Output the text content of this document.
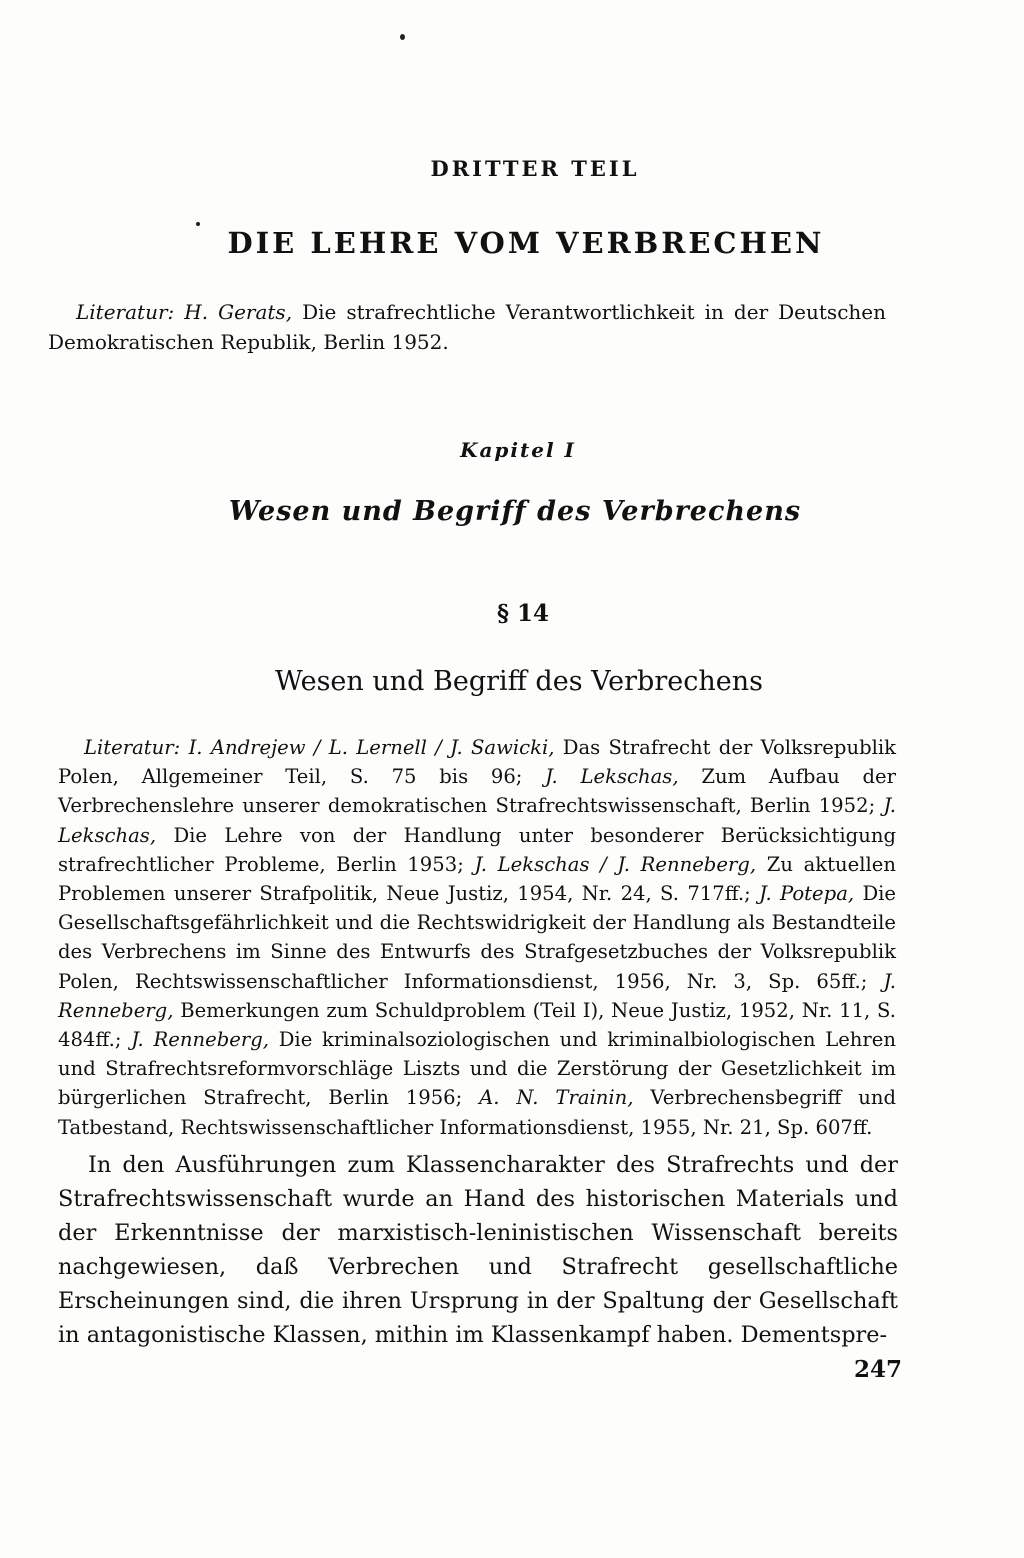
DRITTER TEIL

DIE LEHRE VOM VERBRECHEN

Literatur: H. Gerats, Die strafrechtliche Verantwortlichkeit in der Deutschen Demokratischen Republik, Berlin 1952.

Kapitel I

Wesen und Begriff des Verbrechens

§ 14

Wesen und Begriff des Verbrechens

Literatur: I. Andrejew / L. Lernell / J. Sawicki, Das Strafrecht der Volksrepublik Polen, Allgemeiner Teil, S. 75 bis 96; J. Lekschas, Zum Aufbau der Verbrechenslehre unserer demokratischen Strafrechtswissenschaft, Berlin 1952; J. Lekschas, Die Lehre von der Handlung unter besonderer Berücksichtigung strafrechtlicher Probleme, Berlin 1953; J. Lekschas / J. Renneberg, Zu aktuellen Problemen unserer Strafpolitik, Neue Justiz, 1954, Nr. 24, S. 717ff.; J. Potepa, Die Gesellschaftsgefährlichkeit und die Rechtswidrigkeit der Handlung als Bestandteile des Verbrechens im Sinne des Entwurfs des Strafgesetzbuches der Volksrepublik Polen, Rechtswissenschaftlicher Informationsdienst, 1956, Nr. 3, Sp. 65ff.; J. Renneberg, Bemerkungen zum Schuldproblem (Teil I), Neue Justiz, 1952, Nr. 11, S. 484ff.; J. Renneberg, Die kriminalsoziologischen und kriminalbiologischen Lehren und Strafrechtsreformvorschläge Liszts und die Zerstörung der Gesetzlichkeit im bürgerlichen Strafrecht, Berlin 1956; A. N. Trainin, Verbrechensbegriff und Tatbestand, Rechtswissenschaftlicher Informationsdienst, 1955, Nr. 21, Sp. 607ff.

In den Ausführungen zum Klassencharakter des Strafrechts und der Strafrechtswissenschaft wurde an Hand des historischen Materials und der Erkenntnisse der marxistisch-leninistischen Wissenschaft bereits nachgewiesen, daß Verbrechen und Strafrecht gesellschaftliche Erscheinungen sind, die ihren Ursprung in der Spaltung der Gesellschaft in antagonistische Klassen, mithin im Klassenkampf haben. Dementspre-

247
